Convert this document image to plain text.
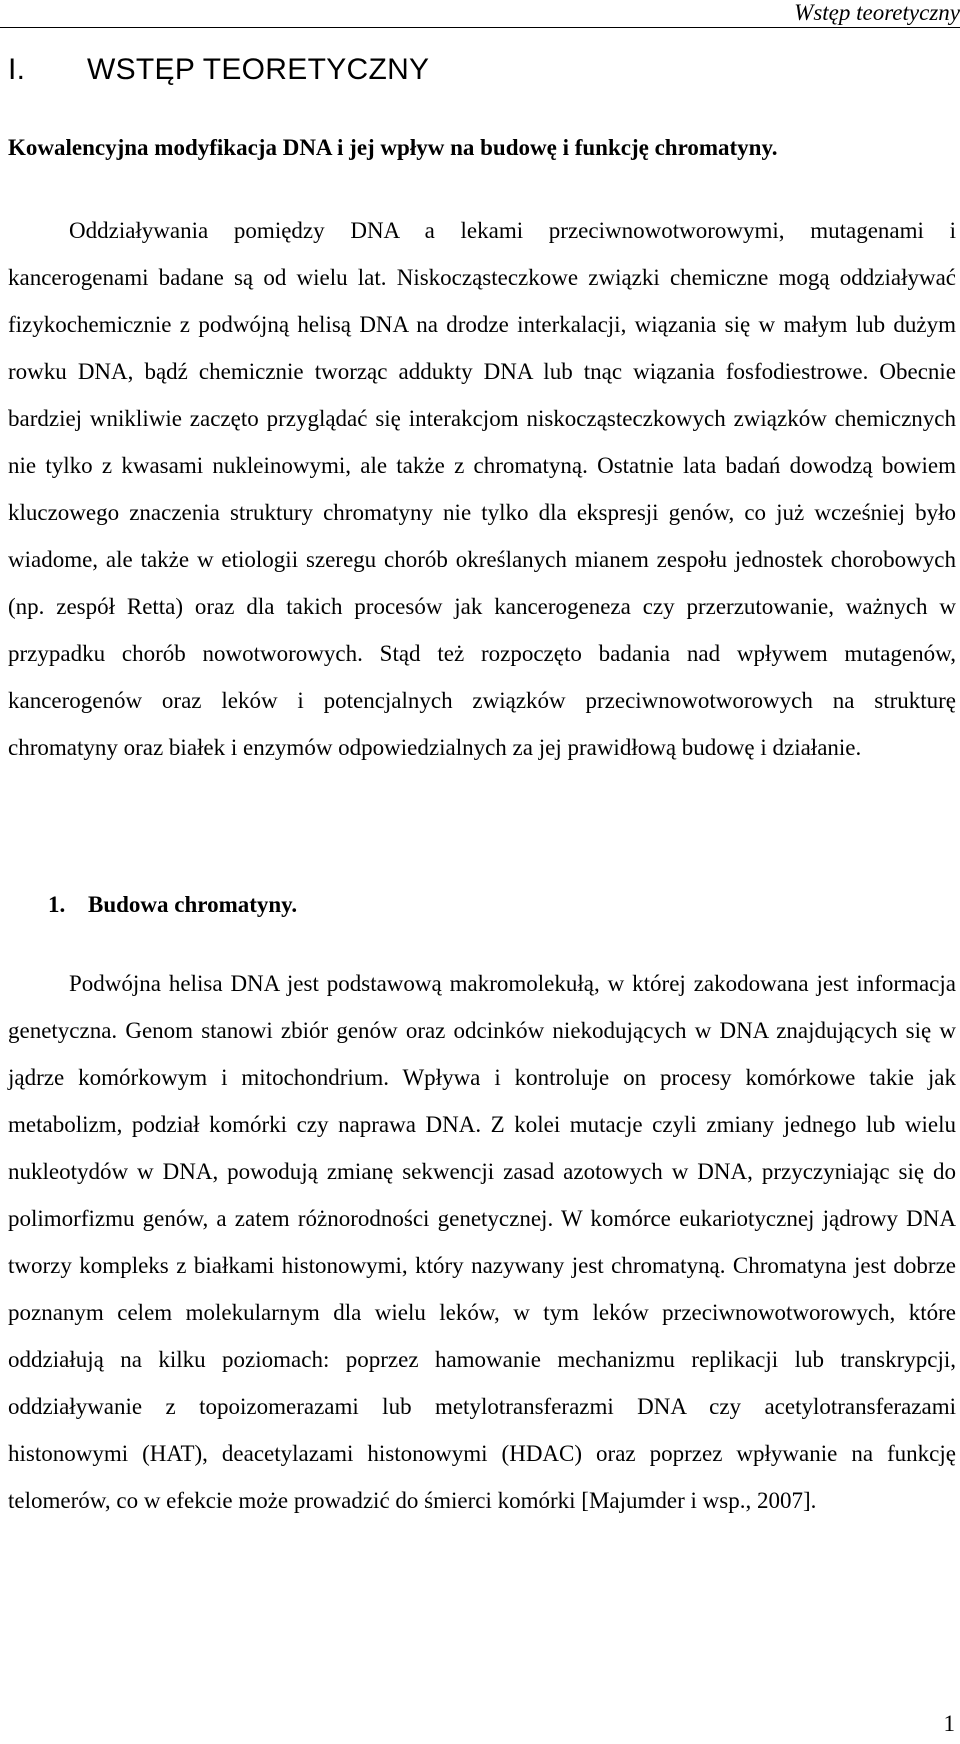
Wstęp teoretyczny
I. WSTĘP TEORETYCZNY
Kowalencyjna modyfikacja DNA i jej wpływ na budowę i funkcję chromatyny.

Oddziaływania pomiędzy DNA a lekami przeciwnowotworowymi, mutagenami i kancerogenami badane są od wielu lat. Niskocząsteczkowe związki chemiczne mogą oddziaływać fizykochemicznie z podwójną helisą DNA na drodze interkalacji, wiązania się w małym lub dużym rowku DNA, bądź chemicznie tworząc addukty DNA lub tnąc wiązania fosfodiestrowe. Obecnie bardziej wnikliwie zaczęto przyglądać się interakcjom niskocząsteczkowych związków chemicznych nie tylko z kwasami nukleinowymi, ale także z chromatyną. Ostatnie lata badań dowodzą bowiem kluczowego znaczenia struktury chromatyny nie tylko dla ekspresji genów, co już wcześniej było wiadome, ale także w etiologii szeregu chorób określanych mianem zespołu jednostek chorobowych (np. zespół Retta) oraz dla takich procesów jak kancerogeneza czy przerzutowanie, ważnych w przypadku chorób nowotworowych. Stąd też rozpoczęto badania nad wpływem mutagenów, kancerogenów oraz leków i potencjalnych związków przeciwnowotworowych na strukturę chromatyny oraz białek i enzymów odpowiedzialnych za jej prawidłową budowę i działanie.

1. Budowa chromatyny.

Podwójna helisa DNA jest podstawową makromolekułą, w której zakodowana jest informacja genetyczna. Genom stanowi zbiór genów oraz odcinków niekodujących w DNA znajdujących się w jądrze komórkowym i mitochondrium. Wpływa i kontroluje on procesy komórkowe takie jak metabolizm, podział komórki czy naprawa DNA. Z kolei mutacje czyli zmiany jednego lub wielu nukleotydów w DNA, powodują zmianę sekwencji zasad azotowych w DNA, przyczyniając się do polimorfizmu genów, a zatem różnorodności genetycznej. W komórce eukariotycznej jądrowy DNA tworzy kompleks z białkami histonowymi, który nazywany jest chromatyną. Chromatyna jest dobrze poznanym celem molekularnym dla wielu leków, w tym leków przeciwnowotworowych, które oddziałują na kilku poziomach: poprzez hamowanie mechanizmu replikacji lub transkrypcji, oddziaływanie z topoizomerazami lub metylotransferazmi DNA czy acetylotransferazami histonowymi (HAT), deacetylazami histonowymi (HDAC) oraz poprzez wpływanie na funkcję telomerów, co w efekcie może prowadzić do śmierci komórki [Majumder i wsp., 2007].

1
